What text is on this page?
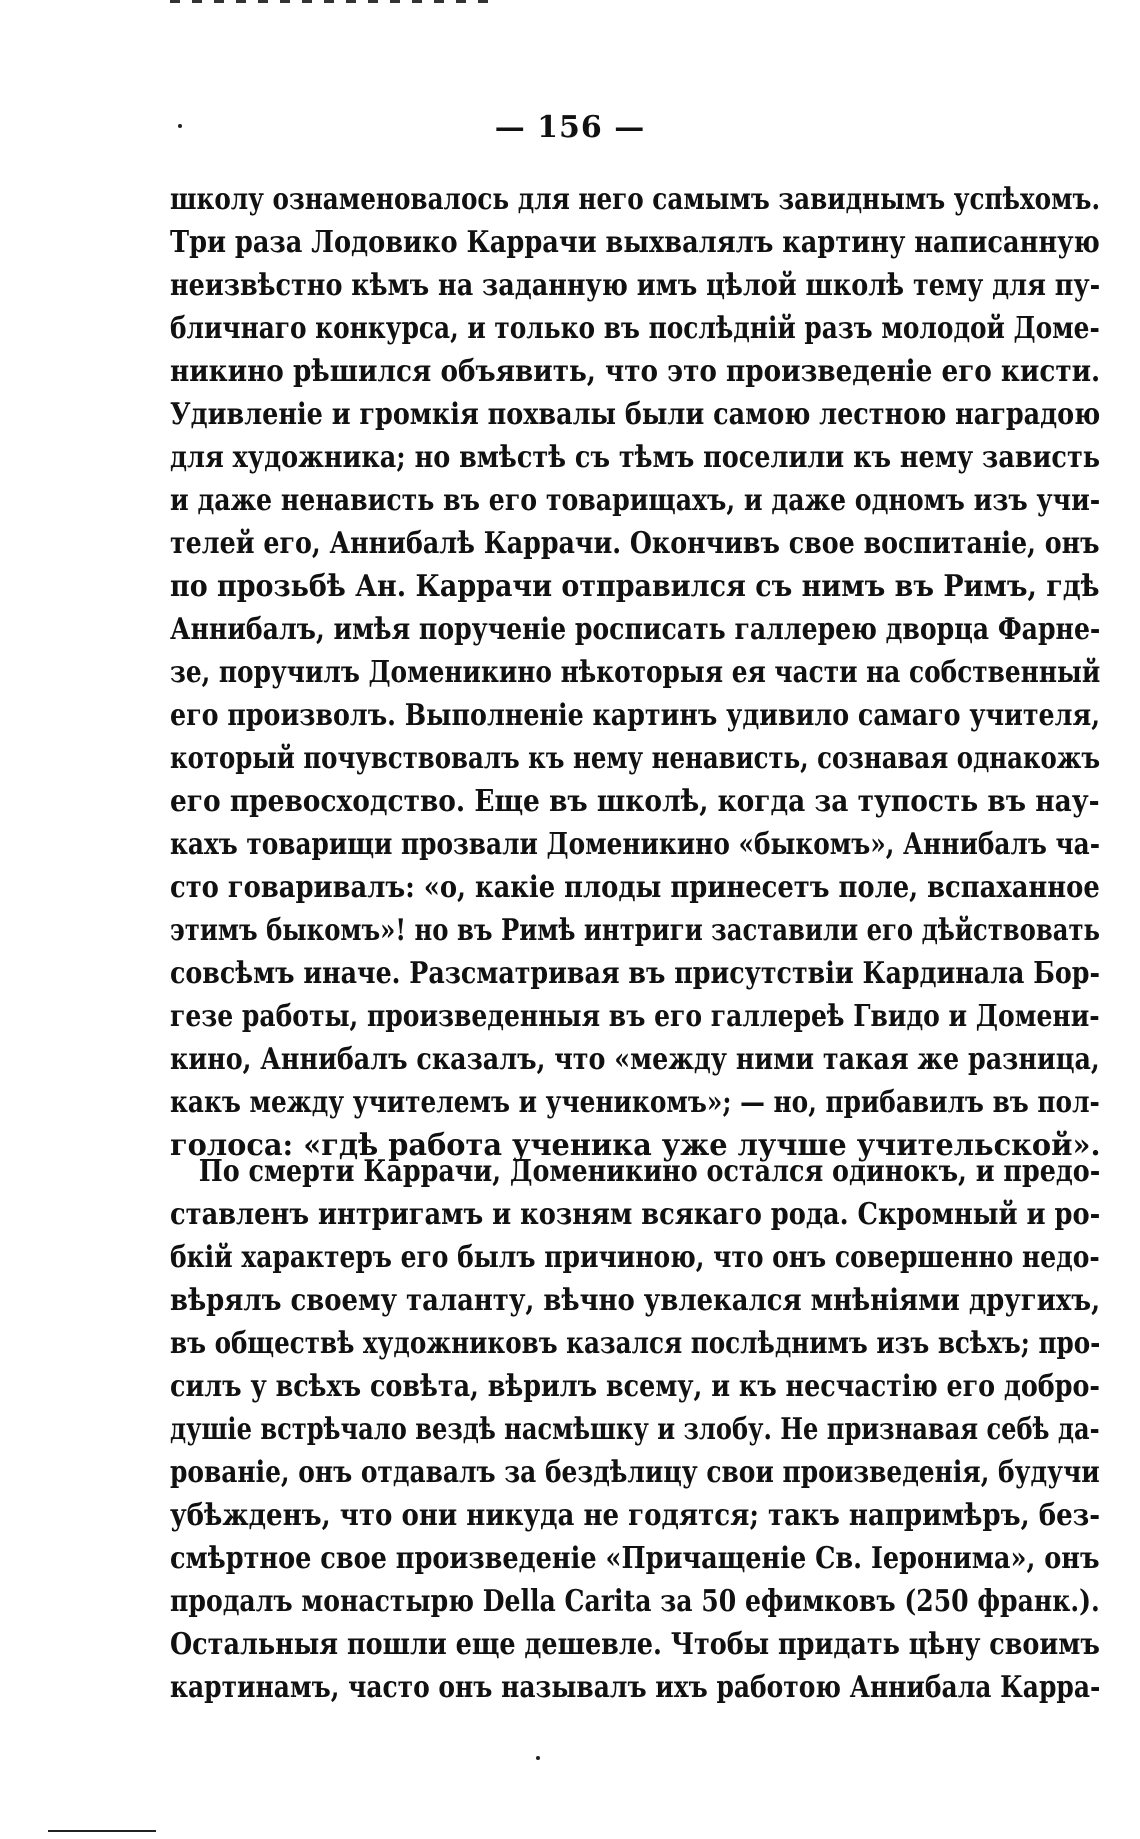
— 156 —
школу ознаменовалось для него самымъ завиднымъ успѣхомъ.
Три раза Лодовико Каррачи выхвалялъ картину написанную
неизвѣстно кѣмъ на заданную имъ цѣлой школѣ тему для пу-
бличнаго конкурса, и только въ послѣдній разъ молодой Доме-
никино рѣшился объявить, что это произведеніе его кисти.
Удивленіе и громкія похвалы были самою лестною наградою
для художника; но вмѣстѣ съ тѣмъ поселили къ нему зависть
и даже ненависть въ его товарищахъ, и даже одномъ изъ учи-
телей его, Аннибалѣ Каррачи. Окончивъ свое воспитаніе, онъ
по прозьбѣ Ан. Каррачи отправился съ нимъ въ Римъ, гдѣ
Аннибалъ, имѣя порученіе росписать галлерею дворца Фарне-
зе, поручилъ Доменикино нѣкоторыя ея части на собственный
его произволъ. Выполненіе картинъ удивило самаго учителя,
который почувствовалъ къ нему ненависть, сознавая однакожъ
его превосходство. Еще въ школѣ, когда за тупость въ нау-
кахъ товарищи прозвали Доменикино «быкомъ», Аннибалъ ча-
сто говаривалъ: «о, какіе плоды принесетъ поле, вспаханное
этимъ быкомъ»! но въ Римѣ интриги заставили его дѣйствовать
совсѣмъ иначе. Разсматривая въ присутствіи Кардинала Бор-
гезе работы, произведенныя въ его галлереѣ Гвидо и Домени-
кино, Аннибалъ сказалъ, что «между ними такая же разница,
какъ между учителемъ и ученикомъ»; — но, прибавилъ въ пол-
голоса: «гдѣ работа ученика уже лучше учительской».
По смерти Каррачи, Доменикино остался одинокъ, и предо-
ставленъ интригамъ и козням всякаго рода. Скромный и ро-
бкій характеръ его былъ причиною, что онъ совершенно недо-
вѣрялъ своему таланту, вѣчно увлекался мнѣніями другихъ,
въ обществѣ художниковъ казался послѣднимъ изъ всѣхъ; про-
силъ у всѣхъ совѣта, вѣрилъ всему, и къ несчастію его добро-
душіе встрѣчало вездѣ насмѣшку и злобу. Не признавая себѣ да-
рованіе, онъ отдавалъ за бездѣлицу свои произведенія, будучи
убѣжденъ, что они никуда не годятся; такъ напримѣръ, без-
смѣртное свое произведеніе «Причащеніе Св. Іеронима», онъ
продалъ монастырю Della Carita за 50 ефимковъ (250 франк.).
Остальныя пошли еще дешевле. Чтобы придать цѣну своимъ
картинамъ, часто онъ называлъ ихъ работою Аннибала Карра-
